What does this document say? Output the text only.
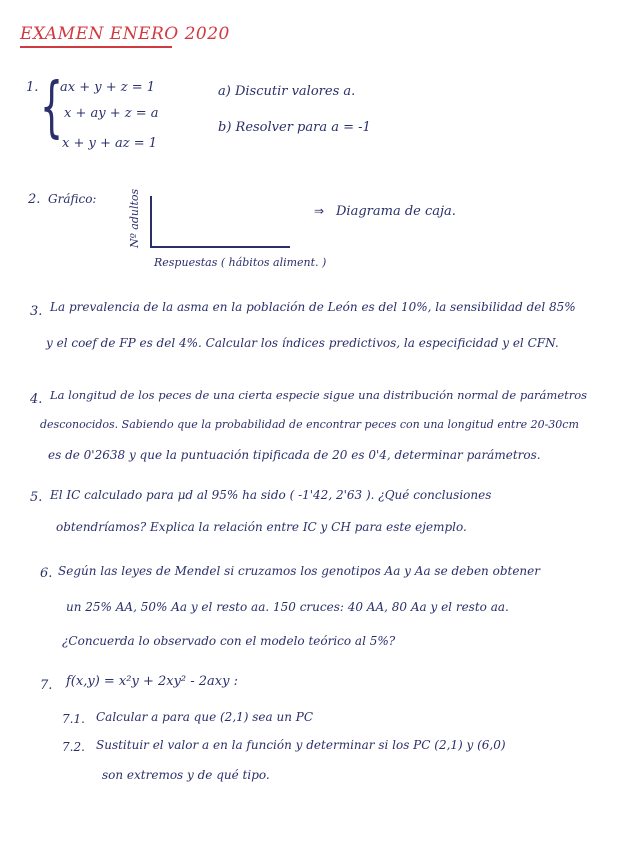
EXAMEN ENERO 2020
1. {
ax + y + z = 1
x + ay + z = a
x + y + az = 1
a) Discutir valores a.
b) Resolver para a = -1
2. Gráfico:	Nº adultos
Respuestas ( hábitos aliment. )
⇒ Diagrama de caja.
3. La prevalencia de la asma en la población de León es del 10%, la sensibilidad del 85%
y el coef de FP es del 4%. Calcular los índices predictivos, la especificidad y el CFN.
4. La longitud de los peces de una cierta especie sigue una distribución normal de parámetros
desconocidos. Sabiendo que la probabilidad de encontrar peces con una longitud entre 20-30cm
es de 0'2638 y que la puntuación tipificada de 20 es 0'4, determinar parámetros.
5. El IC calculado para μd al 95% ha sido ( -1'42, 2'63 ). ¿Qué conclusiones
obtendríamos? Explica la relación entre IC y CH para este ejemplo.
6. Según las leyes de Mendel si cruzamos los genotipos Aa y Aa se deben obtener
un 25% AA, 50% Aa y el resto aa. 150 cruces: 40 AA, 80 Aa y el resto aa.
¿Concuerda lo observado con el modelo teórico al 5%?
7. f(x,y) = x²y + 2xy² - 2axy :
7.1. Calcular a para que (2,1) sea un PC
7.2. Sustituir el valor a en la función y determinar si los PC (2,1) y (6,0)
son extremos y de qué tipo.
